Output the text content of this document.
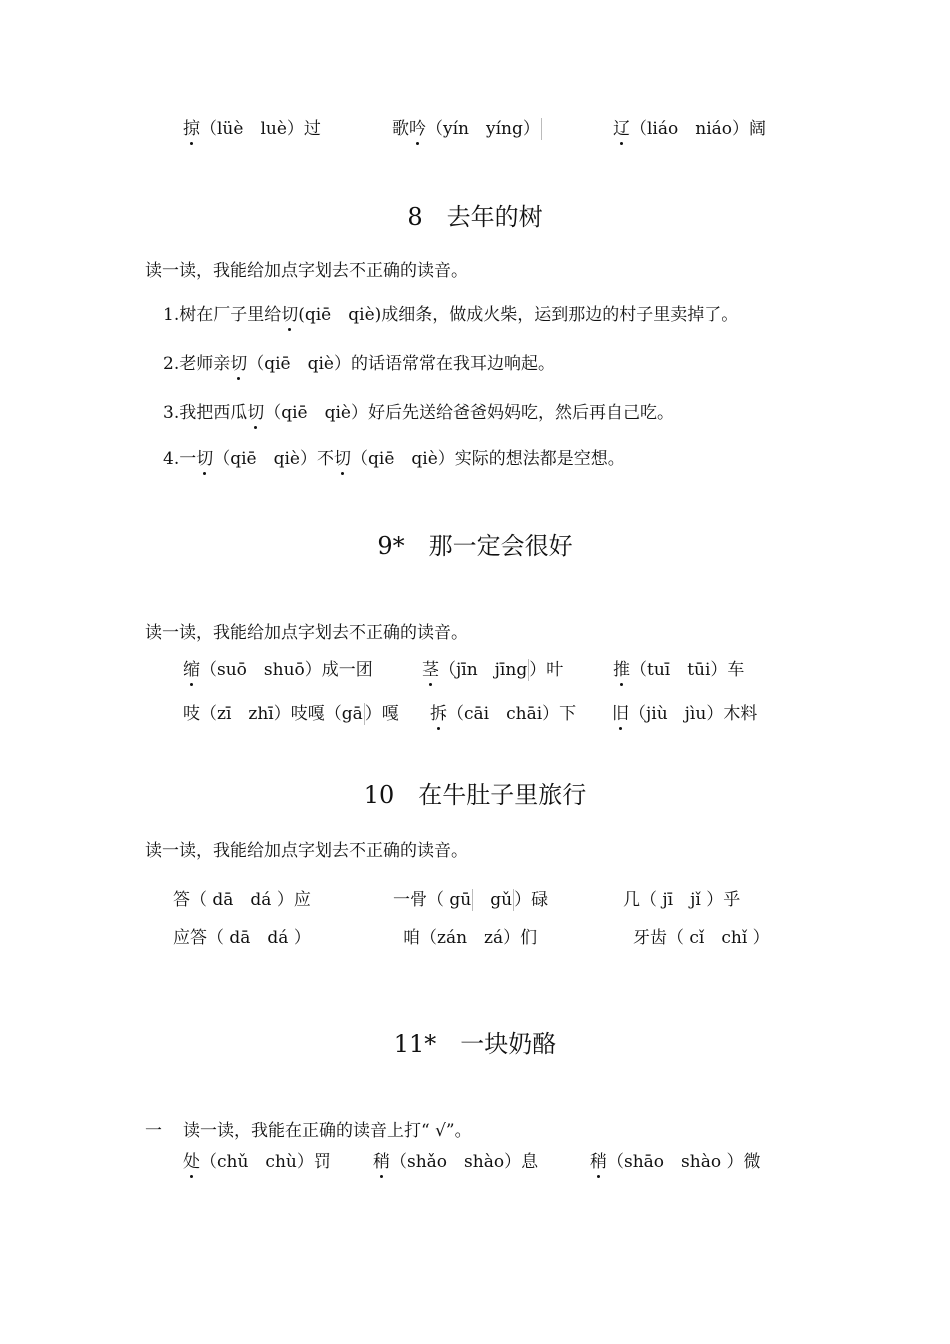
掠（lüè　luè）过	歌吟（yín　yíng）	辽（liáo　niáo）阔
8　去年的树
读一读，我能给加点字划去不正确的读音。
1.树在厂子里给切(qiē　qiè)成细条，做成火柴，运到那边的村子里卖掉了。
2.老师亲切（qiē　qiè）的话语常常在我耳边响起。
3.我把西瓜切（qiē　qiè）好后先送给爸爸妈妈吃，然后再自己吃。
4.一切（qiē　qiè）不切（qiē　qiè）实际的想法都是空想。
9*　那一定会很好
读一读，我能给加点字划去不正确的读音。
缩（suō　shuō）成一团	茎（jīn　jīng ）叶	推（tuī　tūi）车
吱（zī　zhī）吱嘎（gā ）嘎 拆（cāi　chāi）下 旧（jiù　jìu）木料
10　在牛肚子里旅行
读一读，我能给加点字划去不正确的读音。
答（ dā　dá ）应	一骨（ gū　gǔ ）碌	几（ jī　jǐ ）乎
应答（ dā　dá ）	咱（zán　zá）们	牙齿（ cǐ　chǐ ）
11*　一块奶酪
一 读一读，我能在正确的读音上打“ √”。
处（chǔ　chù）罚 稍（shǎo　shào）息	稍（shāo　shào ）微
